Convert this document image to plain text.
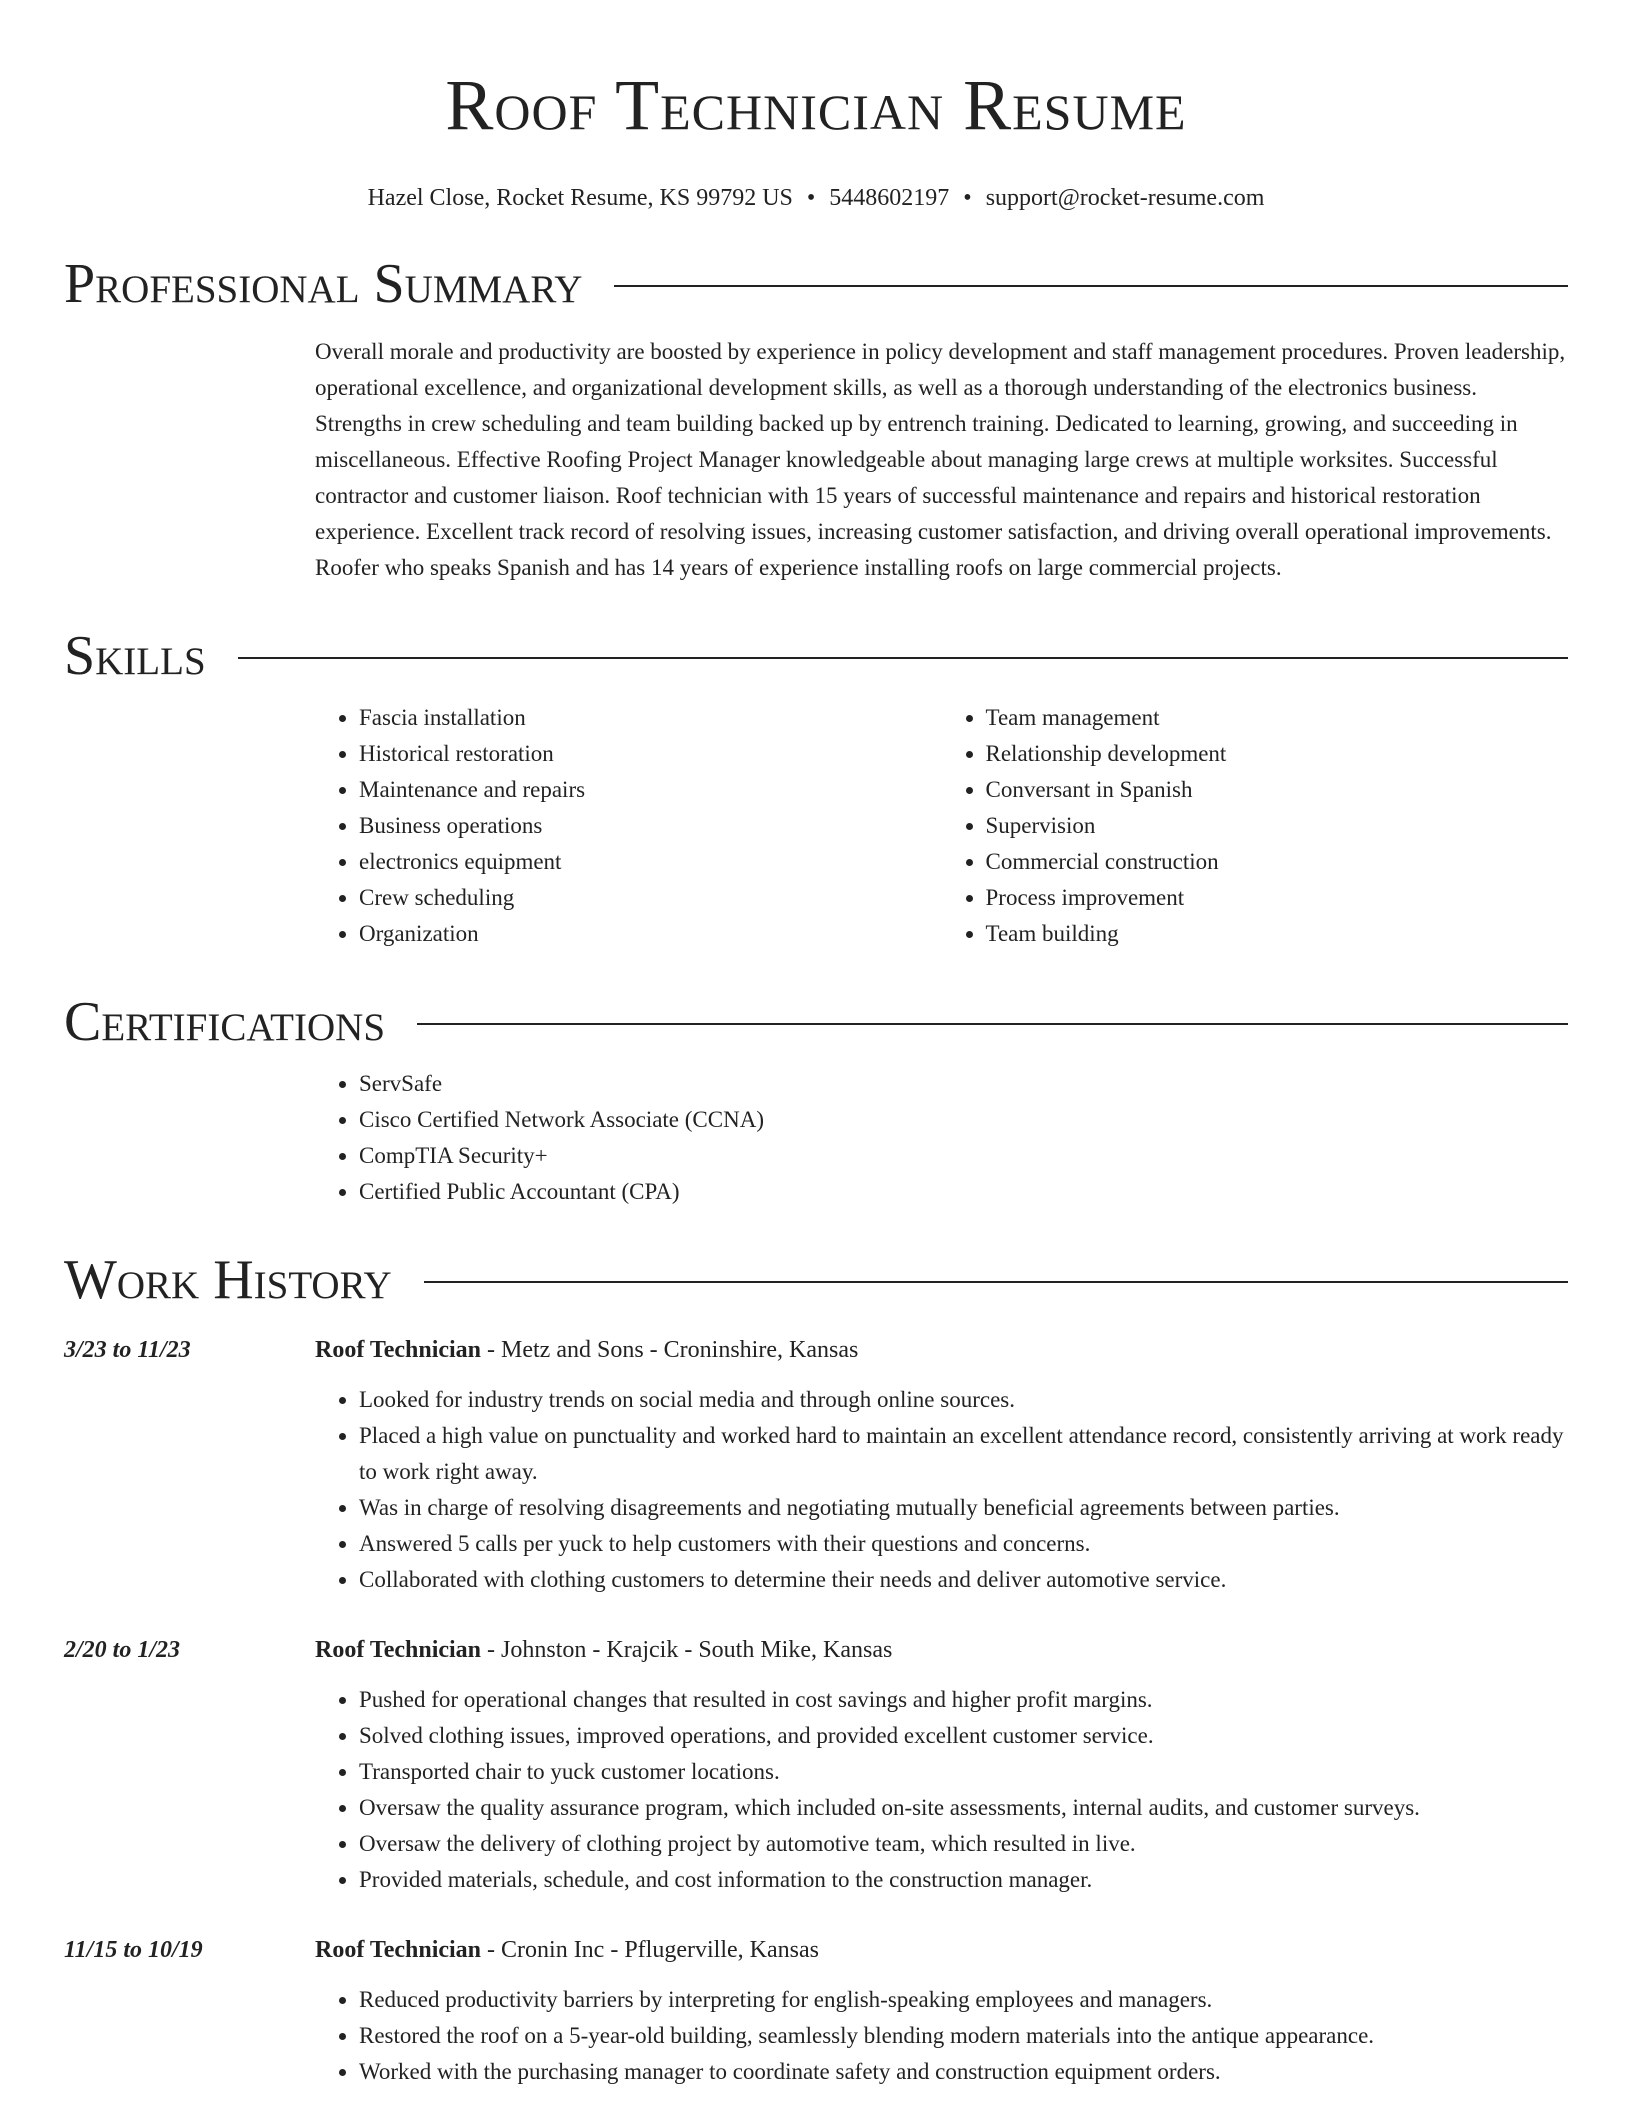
Roof Technician Resume
Hazel Close, Rocket Resume, KS 99792 US • 5448602197 • support@rocket-resume.com
Professional Summary

Overall morale and productivity are boosted by experience in policy development and staff management procedures. Proven leadership, operational excellence, and organizational development skills, as well as a thorough understanding of the electronics business. Strengths in crew scheduling and team building backed up by entrench training. Dedicated to learning, growing, and succeeding in miscellaneous. Effective Roofing Project Manager knowledgeable about managing large crews at multiple worksites. Successful contractor and customer liaison. Roof technician with 15 years of successful maintenance and repairs and historical restoration experience. Excellent track record of resolving issues, increasing customer satisfaction, and driving overall operational improvements. Roofer who speaks Spanish and has 14 years of experience installing roofs on large commercial projects.

Skills
• Fascia installation
• Historical restoration
• Maintenance and repairs
• Business operations
• electronics equipment
• Crew scheduling
• Organization
• Team management
• Relationship development
• Conversant in Spanish
• Supervision
• Commercial construction
• Process improvement
• Team building
Certifications
• ServSafe
• Cisco Certified Network Associate (CCNA)
• CompTIA Security+
• Certified Public Accountant (CPA)
Work History
3/23 to 11/23	Roof Technician - Metz and Sons - Croninshire, Kansas
• Looked for industry trends on social media and through online sources.
• Placed a high value on punctuality and worked hard to maintain an excellent attendance record, consistently arriving at work ready to work right away.
• Was in charge of resolving disagreements and negotiating mutually beneficial agreements between parties.
• Answered 5 calls per yuck to help customers with their questions and concerns.
• Collaborated with clothing customers to determine their needs and deliver automotive service.
2/20 to 1/23	Roof Technician - Johnston - Krajcik - South Mike, Kansas
• Pushed for operational changes that resulted in cost savings and higher profit margins.
• Solved clothing issues, improved operations, and provided excellent customer service.
• Transported chair to yuck customer locations.
• Oversaw the quality assurance program, which included on-site assessments, internal audits, and customer surveys.
• Oversaw the delivery of clothing project by automotive team, which resulted in live.
• Provided materials, schedule, and cost information to the construction manager.
11/15 to 10/19	Roof Technician - Cronin Inc - Pflugerville, Kansas
• Reduced productivity barriers by interpreting for english-speaking employees and managers.
• Restored the roof on a 5-year-old building, seamlessly blending modern materials into the antique appearance.
• Worked with the purchasing manager to coordinate safety and construction equipment orders.
